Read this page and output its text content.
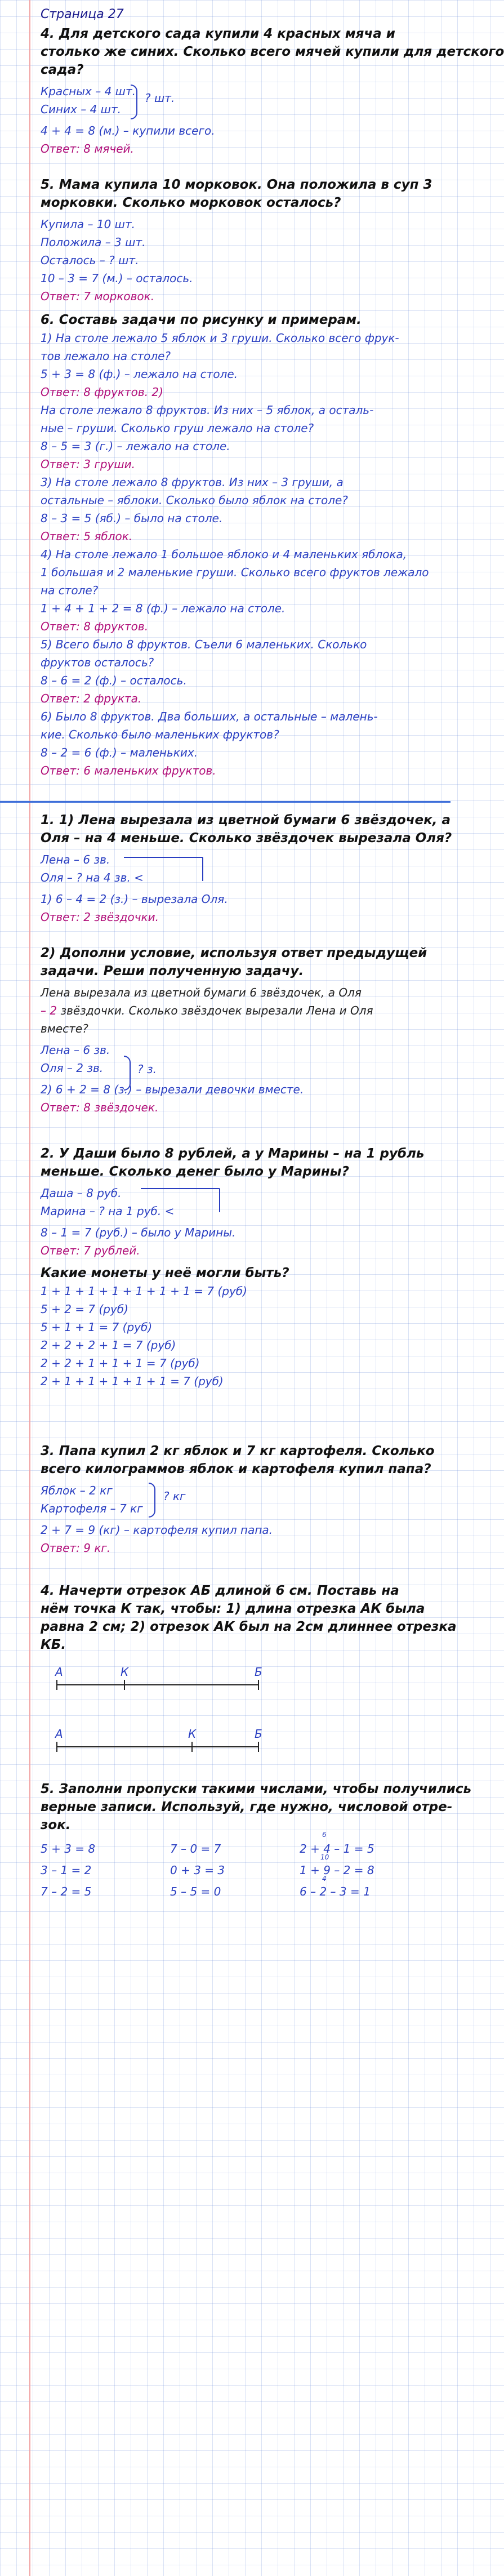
Страница 27
4. Для детского сада купили 4 красных мяча и
столько же синих. Сколько всего мячей купили для детского
сада?
Красных – 4 шт.
Синих – 4 шт.
? шт.
4 + 4 = 8 (м.) – купили всего.
Ответ: 8 мячей.
5. Мама купила 10 морковок. Она положила в суп 3
морковки. Сколько морковок осталось?
Купила – 10 шт.
Положила – 3 шт.
Осталось – ? шт.
10 – 3 = 7 (м.) – осталось.
Ответ: 7 морковок.
6. Составь задачи по рисунку и примерам.
1) На столе лежало 5 яблок и 3 груши. Сколько всего фрук-
тов лежало на столе?
5 + 3 = 8 (ф.) – лежало на столе.
Ответ: 8 фруктов. 2)
На столе лежало 8 фруктов. Из них – 5 яблок, а осталь-
ные – груши. Сколько груш лежало на столе?
8 – 5 = 3 (г.) – лежало на столе.
Ответ: 3 груши.
3) На столе лежало 8 фруктов. Из них – 3 груши, а
остальные – яблоки. Сколько было яблок на столе?
8 – 3 = 5 (яб.) – было на столе.
Ответ: 5 яблок.
4) На столе лежало 1 большое яблоко и 4 маленьких яблока,
1 большая и 2 маленькие груши. Сколько всего фруктов лежало
на столе?
1 + 4 + 1 + 2 = 8 (ф.) – лежало на столе.
Ответ: 8 фруктов.
5) Всего было 8 фруктов. Съели 6 маленьких. Сколько
фруктов осталось?
8 – 6 = 2 (ф.) – осталось.
Ответ: 2 фрукта.
6) Было 8 фруктов. Два больших, а остальные – малень-
кие. Сколько было маленьких фруктов?
8 – 2 = 6 (ф.) – маленьких.
Ответ: 6 маленьких фруктов.
1. 1) Лена вырезала из цветной бумаги 6 звёздочек, а
Оля – на 4 меньше. Сколько звёздочек вырезала Оля?
Лена – 6 зв.
Оля – ? на 4 зв. <
1) 6 – 4 = 2 (з.) – вырезала Оля.
Ответ: 2 звёздочки.
2) Дополни условие, используя ответ предыдущей
задачи. Реши полученную задачу.
Лена вырезала из цветной бумаги 6 звёздочек, а Оля
– 2 звёздочки. Сколько звёздочек вырезали Лена и Оля
вместе?
Лена – 6 зв.
Оля – 2 зв.	? з.
2) 6 + 2 = 8 (з.) – вырезали девочки вместе.
Ответ: 8 звёздочек.
2. У Даши было 8 рублей, а у Марины – на 1 рубль
меньше. Сколько денег было у Марины?
Даша – 8 руб.
Марина – ? на 1 руб. <
8 – 1 = 7 (руб.) – было у Марины.
Ответ: 7 рублей.
Какие монеты у неё могли быть?
1 + 1 + 1 + 1 + 1 + 1 + 1 = 7 (руб)
5 + 2 = 7 (руб)
5 + 1 + 1 = 7 (руб)
2 + 2 + 2 + 1 = 7 (руб)
2 + 2 + 1 + 1 + 1 = 7 (руб)
2 + 1 + 1 + 1 + 1 + 1 = 7 (руб)
3. Папа купил 2 кг яблок и 7 кг картофеля. Сколько
всего килограммов яблок и картофеля купил папа?
Яблок – 2 кг
Картофеля – 7 кг
? кг
2 + 7 = 9 (кг) – картофеля купил папа.
Ответ: 9 кг.
4. Начерти отрезок АБ длиной 6 см. Поставь на
нём точка К так, чтобы: 1) длина отрезка АК была
равна 2 см; 2) отрезок АК был на 2см длиннее отрезка
КБ.
А	К	Б
А	К	Б
5. Заполни пропуски такими числами, чтобы получились
верные записи. Используй, где нужно, числовой отре-
зок.
5 + 3 = 8	7 – 0 = 7	2 + 4 – 1 = 5
3 – 1 = 2	0 + 3 = 3	1 + 9 – 2 = 8
7 – 2 = 5	5 – 5 = 0	6 – 2 – 3 = 1
6
10
4
